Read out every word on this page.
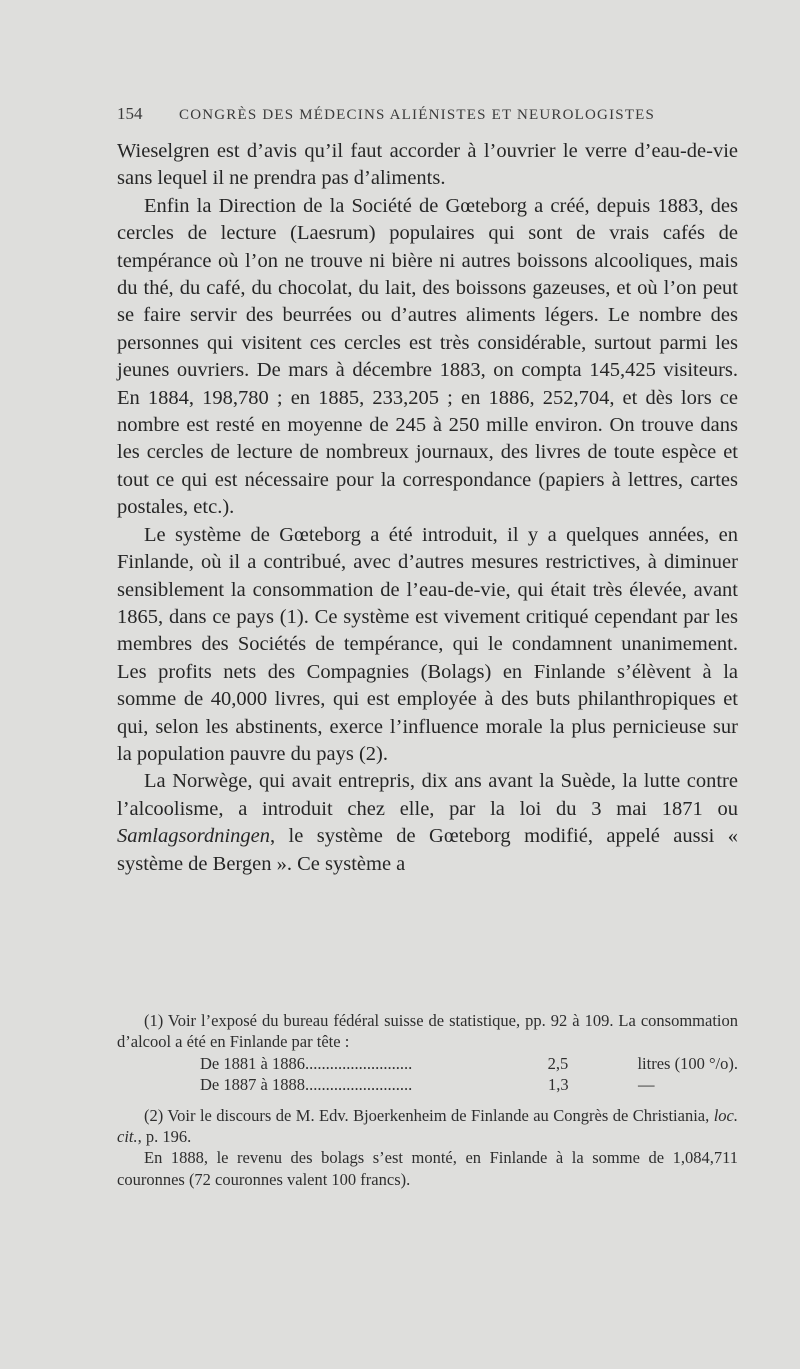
154 CONGRÈS DES MÉDECINS ALIÉNISTES ET NEUROLOGISTES

Wieselgren est d’avis qu’il faut accorder à l’ouvrier le verre d’eau-de-vie sans lequel il ne prendra pas d’aliments.

Enfin la Direction de la Société de Gœteborg a créé, depuis 1883, des cercles de lecture (Laesrum) populaires qui sont de vrais cafés de tempérance où l’on ne trouve ni bière ni autres boissons alcooliques, mais du thé, du café, du chocolat, du lait, des boissons gazeuses, et où l’on peut se faire servir des beurrées ou d’autres aliments légers. Le nombre des personnes qui visitent ces cercles est très considérable, surtout parmi les jeunes ouvriers. De mars à décembre 1883, on compta 145,425 visiteurs. En 1884, 198,780 ; en 1885, 233,205 ; en 1886, 252,704, et dès lors ce nombre est resté en moyenne de 245 à 250 mille environ. On trouve dans les cercles de lecture de nombreux journaux, des livres de toute espèce et tout ce qui est nécessaire pour la correspondance (papiers à lettres, cartes postales, etc.).

Le système de Gœteborg a été introduit, il y a quelques années, en Finlande, où il a contribué, avec d’autres mesures restrictives, à diminuer sensiblement la consommation de l’eau-de-vie, qui était très élevée, avant 1865, dans ce pays (1). Ce système est vivement critiqué cependant par les membres des Sociétés de tempérance, qui le condamnent unanimement. Les profits nets des Compagnies (Bolags) en Finlande s’élèvent à la somme de 40,000 livres, qui est employée à des buts philanthropiques et qui, selon les abstinents, exerce l’influence morale la plus pernicieuse sur la population pauvre du pays (2).

La Norwège, qui avait entrepris, dix ans avant la Suède, la lutte contre l’alcoolisme, a introduit chez elle, par la loi du 3 mai 1871 ou Samlagsordningen, le système de Gœteborg modifié, appelé aussi « système de Bergen ». Ce système a

(1) Voir l’exposé du bureau fédéral suisse de statistique, pp. 92 à 109. La consommation d’alcool a été en Finlande par tête :

De 1881 à 1886..........................	2,5	litres (100 °/o).
De 1887 à 1888..........................	1,3	—

(2) Voir le discours de M. Edv. Bjoerkenheim de Finlande au Congrès de Christiania, loc. cit., p. 196.

En 1888, le revenu des bolags s’est monté, en Finlande à la somme de 1,084,711 couronnes (72 couronnes valent 100 francs).
